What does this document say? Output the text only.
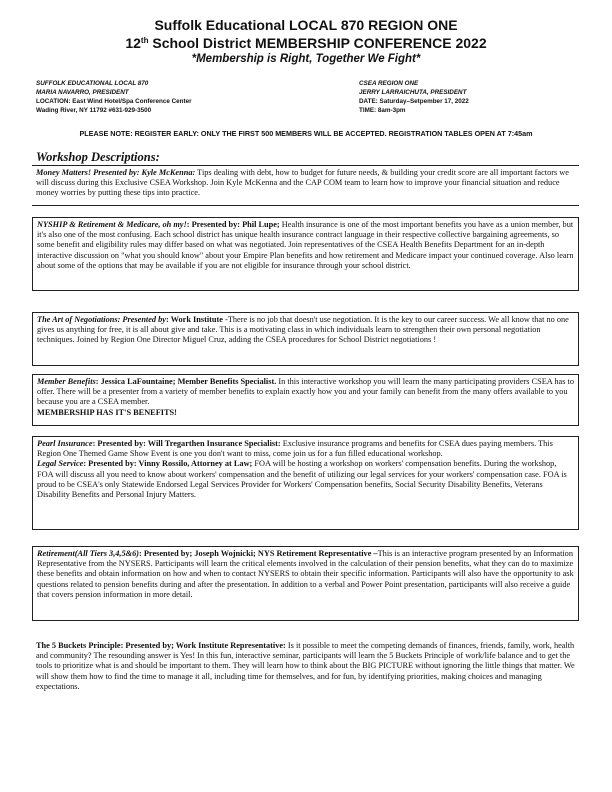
Suffolk Educational LOCAL 870 REGION ONE
12th School District MEMBERSHIP CONFERENCE 2022
*Membership is Right, Together We Fight*
SUFFOLK EDUCATIONAL LOCAL 870
MARIA NAVARRO, PRESIDENT
LOCATION: East Wind Hotel/Spa Conference Center
Wading River, NY 11792 #631-929-3500
CSEA REGION ONE
JERRY LARRAICHUTA, PRESIDENT
DATE: Saturday–Setpember 17, 2022
TIME: 8am-3pm
PLEASE NOTE: REGISTER EARLY: ONLY THE FIRST 500 MEMBERS WILL BE ACCEPTED. REGISTRATION TABLES OPEN AT 7:45am
Workshop Descriptions:

Money Matters! Presented by: Kyle McKenna: Tips dealing with debt, how to budget for future needs, & building your credit score are all important factors we will discuss during this Exclusive CSEA Workshop. Join Kyle McKenna and the CAP COM team to learn how to improve your financial situation and reduce money worries by putting these tips into practice.

NYSHIP & Retirement & Medicare, oh my!: Presented by: Phil Lupe; Health insurance is one of the most important benefits you have as a union member, but it's also one of the most confusing. Each school district has unique health insurance contract language in their respective collective bargaining agreements, so some benefit and eligibility rules may differ based on what was negotiated. Join representatives of the CSEA Health Benefits Department for an in-depth interactive discussion on "what you should know" about your Empire Plan benefits and how retirement and Medicare impact your continued coverage. Also learn about some of the options that may be available if you are not eligible for insurance through your school district.

The Art of Negotiations: Presented by: Work Institute -There is no job that doesn't use negotiation. It is the key to our career success. We all know that no one gives us anything for free, it is all about give and take. This is a motivating class in which individuals learn to strengthen their own personal negotiation techniques. Joined by Region One Director Miguel Cruz, adding the CSEA procedures for School District negotiations !

Member Benefits: Jessica LaFountaine; Member Benefits Specialist. In this interactive workshop you will learn the many participating providers CSEA has to offer. There will be a presenter from a variety of member benefits to explain exactly how you and your family can benefit from the many offers available to you because you are a CSEA member.

MEMBERSHIP HAS IT'S BENEFITS!

Pearl Insurance: Presented by: Will Tregarthen Insurance Specialist: Exclusive insurance programs and benefits for CSEA dues paying members. This Region One Themed Game Show Event is one you don't want to miss, come join us for a fun filled educational workshop.

Legal Service: Presented by: Vinny Rossilo, Attorney at Law; FOA will be hosting a workshop on workers' compensation benefits. During the workshop, FOA will discuss all you need to know about workers' compensation and the benefit of utilizing our legal services for your workers' compensation case. FOA is proud to be CSEA's only Statewide Endorsed Legal Services Provider for Workers' Compensation benefits, Social Security Disability Benefits, Veterans Disability Benefits and Personal Injury Matters.

Retirement(All Tiers 3,4,5&6): Presented by; Joseph Wojnicki; NYS Retirement Representative –This is an interactive program presented by an Information Representative from the NYSERS. Participants will learn the critical elements involved in the calculation of their pension benefits, what they can do to maximize these benefits and obtain information on how and when to contact NYSERS to obtain their specific information. Participants will also have the opportunity to ask questions related to pension benefits during and after the presentation. In addition to a verbal and Power Point presentation, participants will also receive a guide that covers pension information in more detail.

The 5 Buckets Principle: Presented by; Work Institute Representative: Is it possible to meet the competing demands of finances, friends, family, work, health and community? The resounding answer is Yes! In this fun, interactive seminar, participants will learn the 5 Buckets Principle of work/life balance and to get the tools to prioritize what is and should be important to them. They will learn how to think about the BIG PICTURE without ignoring the little things that matter. We will show them how to find the time to manage it all, including time for themselves, and for fun, by identifying priorities, making choices and managing expectations.
